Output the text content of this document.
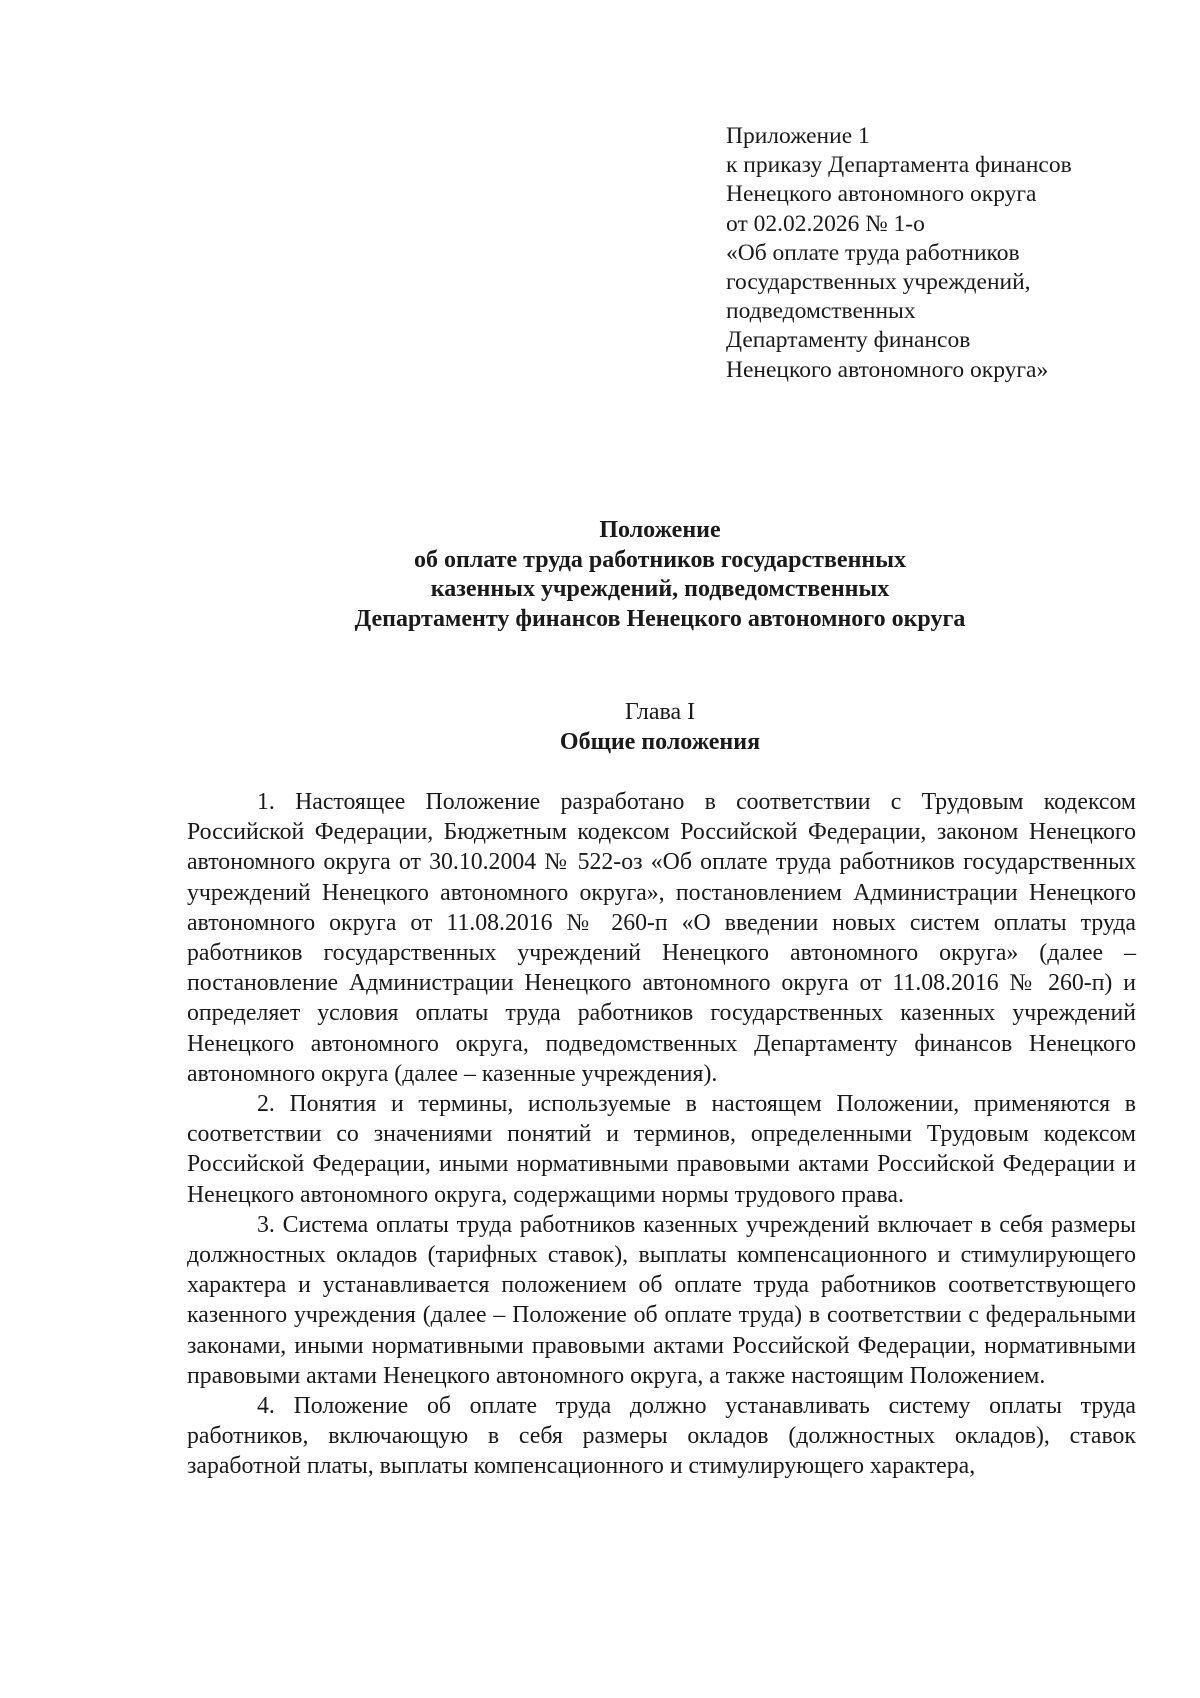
Приложение 1
к приказу Департамента финансов
Ненецкого автономного округа
от 02.02.2026 № 1-о
«Об оплате труда работников
государственных учреждений,
подведомственных
Департаменту финансов
Ненецкого автономного округа»
Положение
об оплате труда работников государственных
казенных учреждений, подведомственных
Департаменту финансов Ненецкого автономного округа
Глава I
Общие положения

1. Настоящее Положение разработано в соответствии с Трудовым кодексом Российской Федерации, Бюджетным кодексом Российской Федерации, законом Ненецкого автономного округа от 30.10.2004 № 522-оз «Об оплате труда работников государственных учреждений Ненецкого автономного округа», постановлением Администрации Ненецкого автономного округа от 11.08.2016 № 260-п «О введении новых систем оплаты труда работников государственных учреждений Ненецкого автономного округа» (далее – постановление Администрации Ненецкого автономного округа от 11.08.2016 № 260-п) и определяет условия оплаты труда работников государственных казенных учреждений Ненецкого автономного округа, подведомственных Департаменту финансов Ненецкого автономного округа (далее – казенные учреждения).

2. Понятия и термины, используемые в настоящем Положении, применяются в соответствии со значениями понятий и терминов, определенными Трудовым кодексом Российской Федерации, иными нормативными правовыми актами Российской Федерации и Ненецкого автономного округа, содержащими нормы трудового права.

3. Система оплаты труда работников казенных учреждений включает в себя размеры должностных окладов (тарифных ставок), выплаты компенсационного и стимулирующего характера и устанавливается положением об оплате труда работников соответствующего казенного учреждения (далее – Положение об оплате труда) в соответствии с федеральными законами, иными нормативными правовыми актами Российской Федерации, нормативными правовыми актами Ненецкого автономного округа, а также настоящим Положением.

4. Положение об оплате труда должно устанавливать систему оплаты труда работников, включающую в себя размеры окладов (должностных окладов), ставок заработной платы, выплаты компенсационного и стимулирующего характера,
